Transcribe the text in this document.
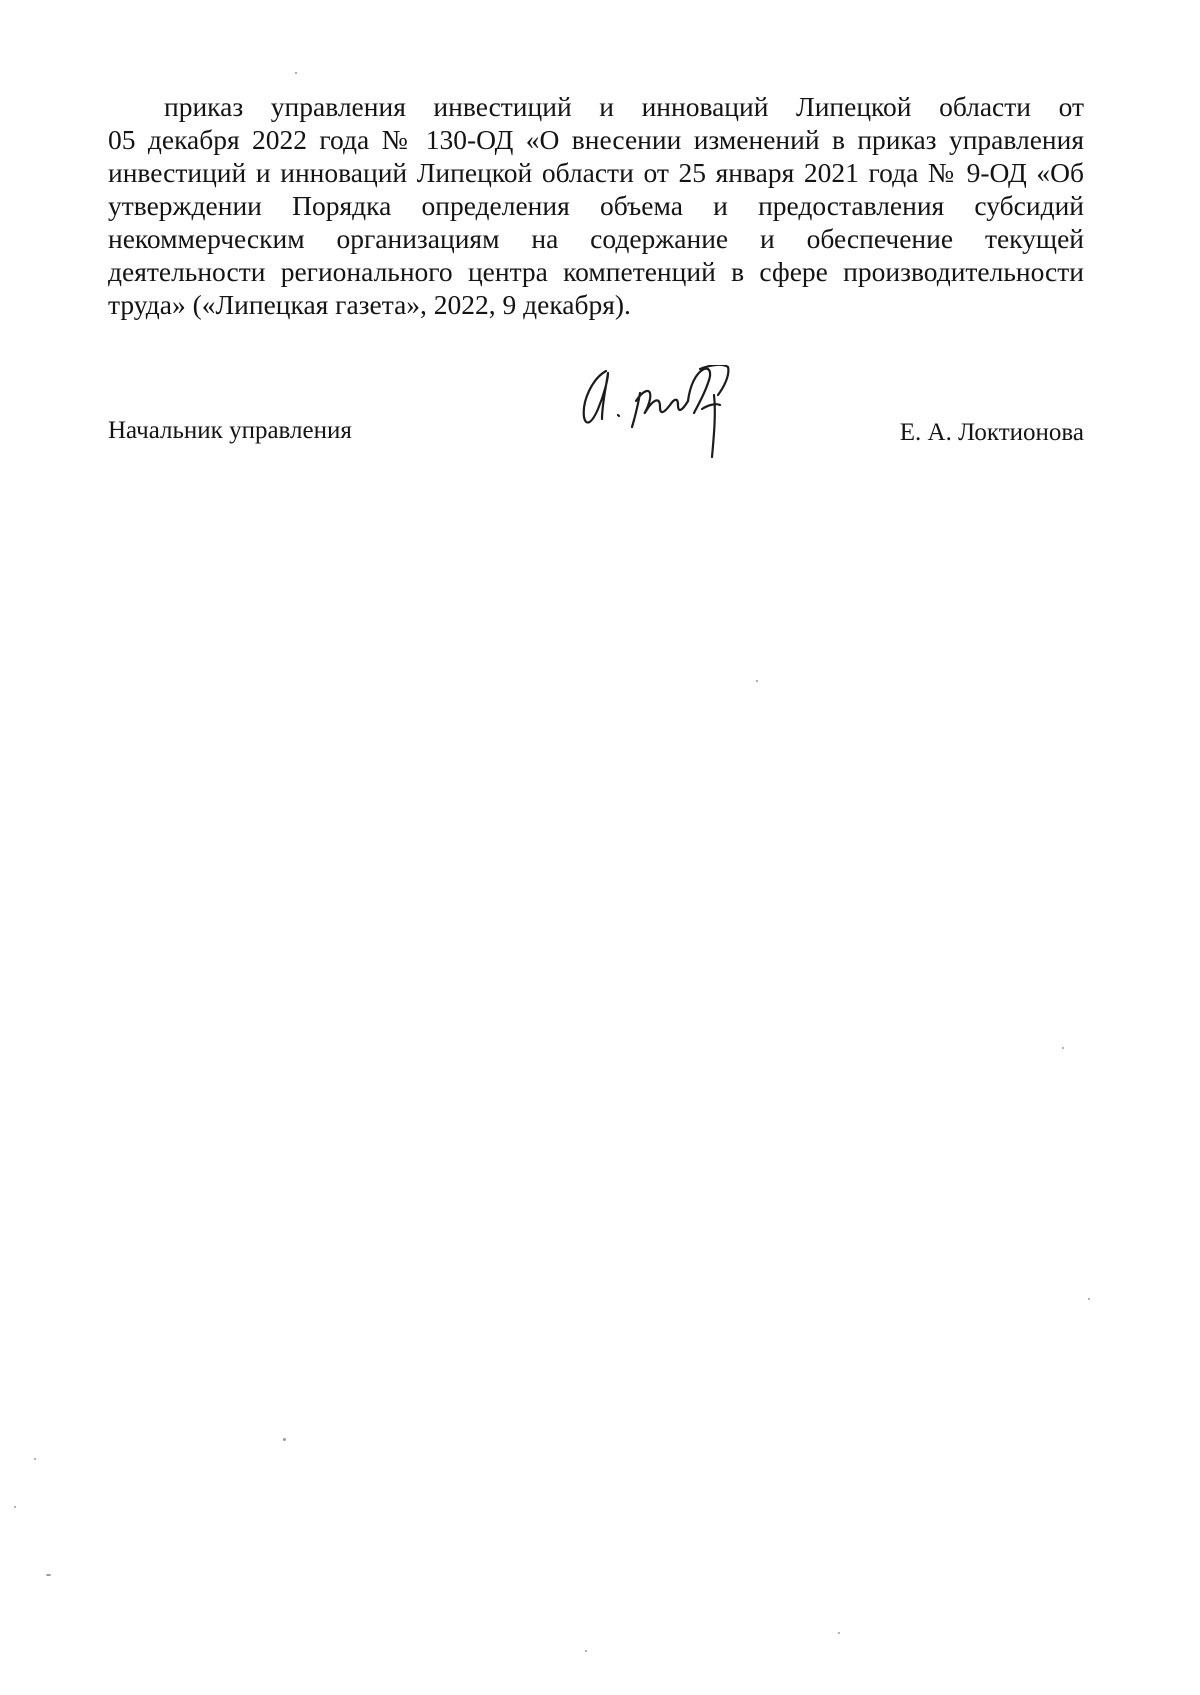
приказ управления инвестиций и инноваций Липецкой области от
05 декабря 2022 года № 130-ОД «О внесении изменений в приказ управления
инвестиций и инноваций Липецкой области от 25 января 2021 года № 9-ОД «Об
утверждении Порядка определения объема и предоставления субсидий
некоммерческим организациям на содержание и обеспечение текущей
деятельности регионального центра компетенций в сфере производительности
труда» («Липецкая газета», 2022, 9 декабря).
Начальник управления	Е. А. Локтионова
